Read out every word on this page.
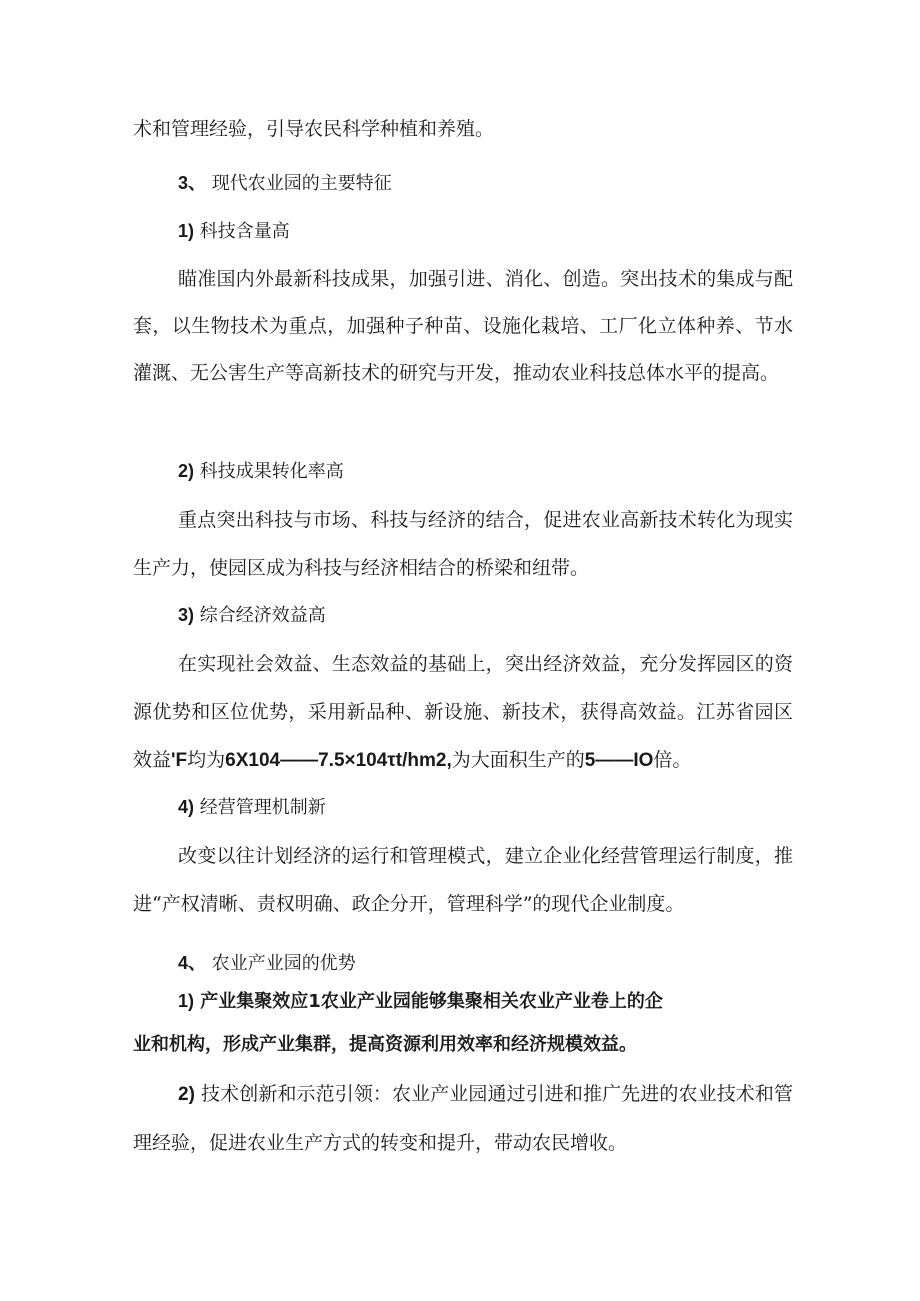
术和管理经验，引导农民科学种植和养殖。

3、 现代农业园的主要特征
1) 科技含量高

瞄准国内外最新科技成果，加强引进、消化、创造。突出技术的集成与配套，以生物技术为重点，加强种子种苗、设施化栽培、工厂化立体种养、节水灌溉、无公害生产等高新技术的研究与开发，推动农业科技总体水平的提高。

2) 科技成果转化率高

重点突出科技与市场、科技与经济的结合，促进农业高新技术转化为现实生产力，使园区成为科技与经济相结合的桥梁和纽带。

3) 综合经济效益高

在实现社会效益、生态效益的基础上，突出经济效益，充分发挥园区的资源优势和区位优势，采用新品种、新设施、新技术，获得高效益。江苏省园区效益'F均为6X104——7.5×104τt/hm2,为大面积生产的5——IO倍。

4) 经营管理机制新

改变以往计划经济的运行和管理模式，建立企业化经营管理运行制度，推进“产权清晰、责权明确、政企分开，管理科学”的现代企业制度。

4、 农业产业园的优势
1) 产业集聚效应1农业产业园能够集聚相关农业产业卷上的企
业和机构，形成产业集群，提高资源利用效率和经济规模效益。

2) 技术创新和示范引领：农业产业园通过引进和推广先进的农业技术和管理经验，促进农业生产方式的转变和提升，带动农民增收。
